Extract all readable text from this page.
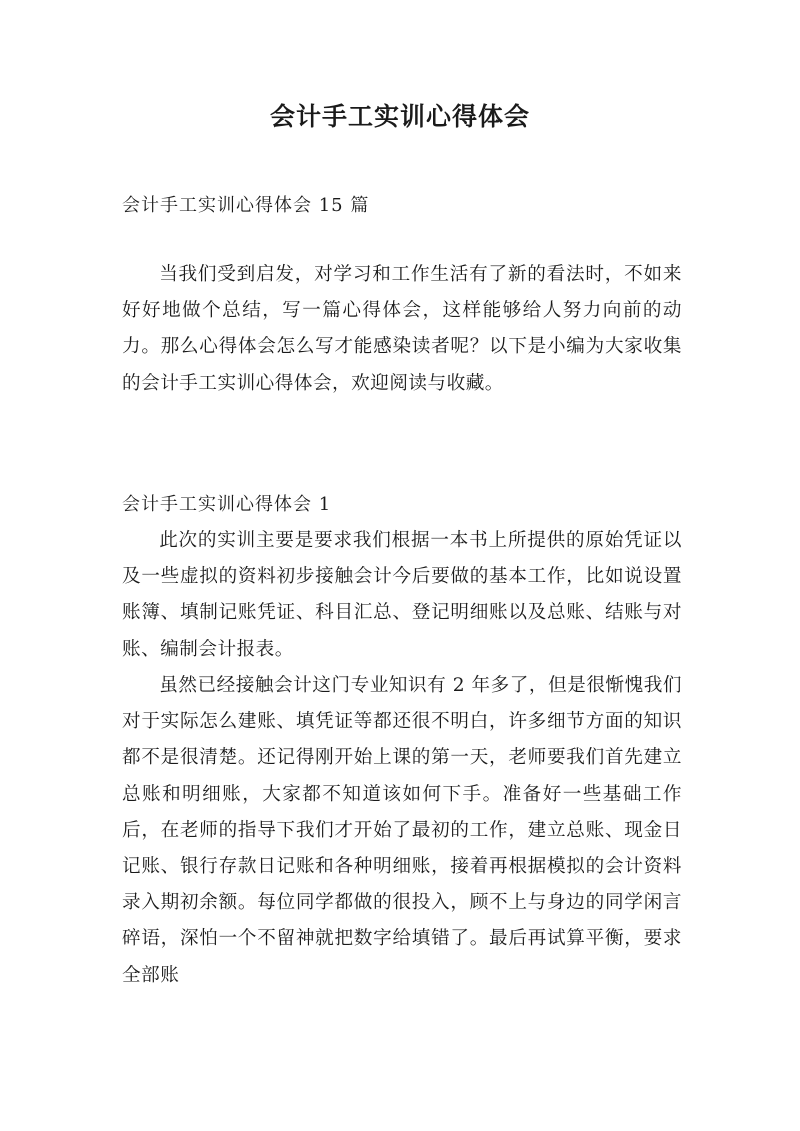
会计手工实训心得体会

会计手工实训心得体会 15 篇

当我们受到启发，对学习和工作生活有了新的看法时，不如来好好地做个总结，写一篇心得体会，这样能够给人努力向前的动力。那么心得体会怎么写才能感染读者呢？以下是小编为大家收集的会计手工实训心得体会，欢迎阅读与收藏。

会计手工实训心得体会 1

此次的实训主要是要求我们根据一本书上所提供的原始凭证以及一些虚拟的资料初步接触会计今后要做的基本工作，比如说设置账簿、填制记账凭证、科目汇总、登记明细账以及总账、结账与对账、编制会计报表。

虽然已经接触会计这门专业知识有 2 年多了，但是很惭愧我们对于实际怎么建账、填凭证等都还很不明白，许多细节方面的知识都不是很清楚。还记得刚开始上课的第一天，老师要我们首先建立总账和明细账，大家都不知道该如何下手。准备好一些基础工作后，在老师的指导下我们才开始了最初的工作，建立总账、现金日记账、银行存款日记账和各种明细账，接着再根据模拟的会计资料录入期初余额。每位同学都做的很投入，顾不上与身边的同学闲言碎语，深怕一个不留神就把数字给填错了。最后再试算平衡，要求全部账
